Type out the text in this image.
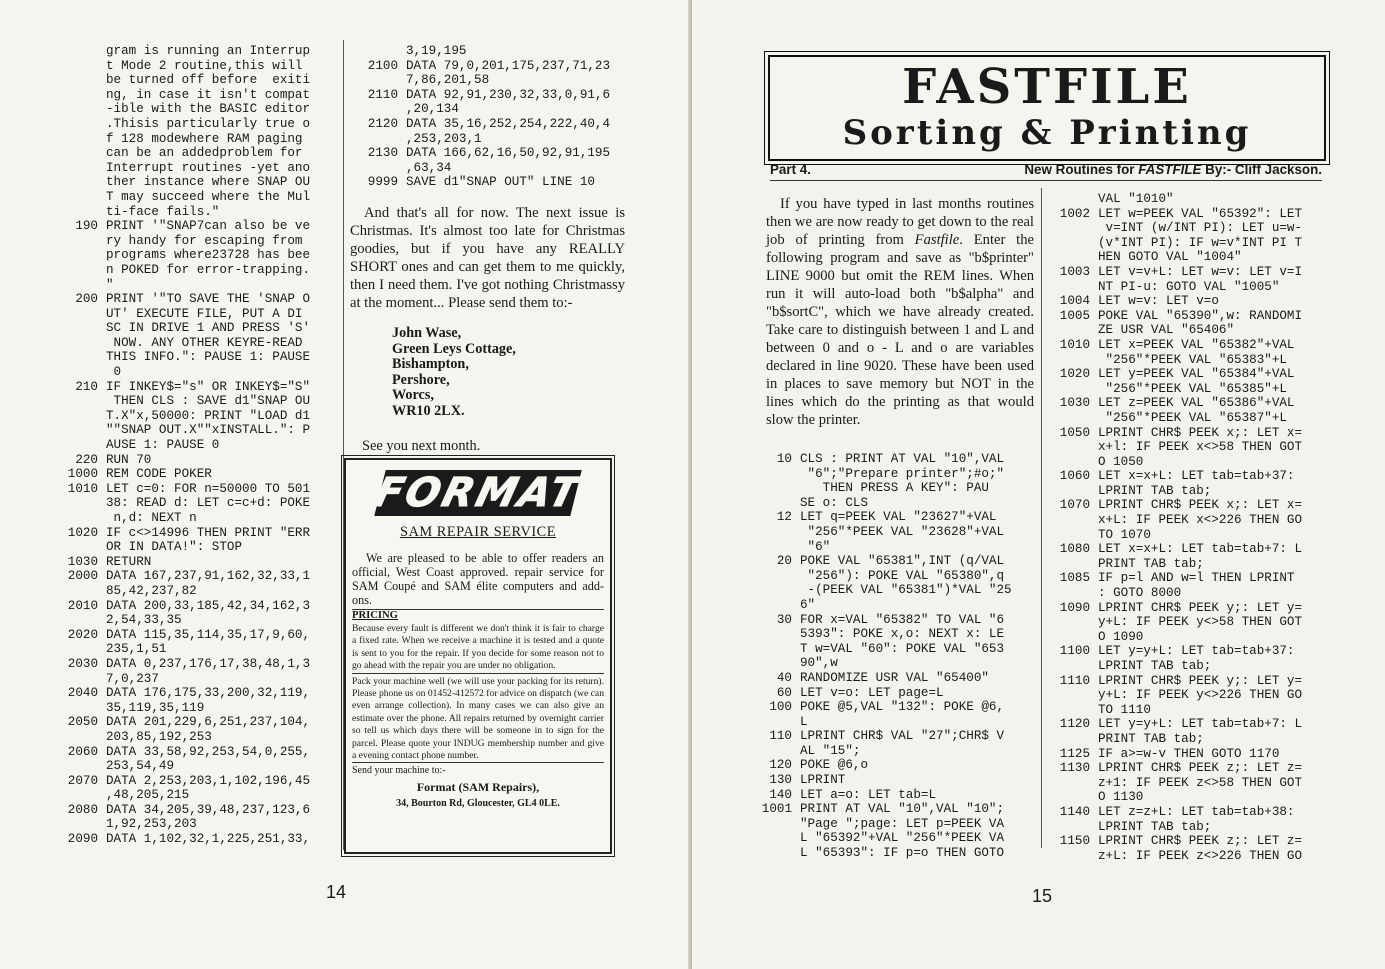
gram is running an Interrup
t Mode 2 routine,this will
be turned off before  exiti
ng, in case it isn't compat
-ible with the BASIC editor
.Thisis particularly true o
f 128 modewhere RAM paging
can be an addedproblem for
Interrupt routines -yet ano
ther instance where SNAP OU
T may succeed where the Mul
ti-face fails."
190 PRINT '"SNAP7can also be ve
ry handy for escaping from
programs where23728 has bee
n POKED for error-trapping.
"
200 PRINT '"TO SAVE THE 'SNAP O
UT' EXECUTE FILE, PUT A DI
SC IN DRIVE 1 AND PRESS 'S'
NOW. ANY OTHER KEYRE-READ
THIS INFO.": PAUSE 1: PAUSE
0
210 IF INKEY$="s" OR INKEY$="S"
THEN CLS : SAVE d1"SNAP OU
T.X"x,50000: PRINT "LOAD d1
""SNAP OUT.X""xINSTALL.": P
AUSE 1: PAUSE 0
220 RUN 70
1000 REM CODE POKER
1010 LET c=0: FOR n=50000 TO 501
38: READ d: LET c=c+d: POKE
n,d: NEXT n
1020 IF c<>14996 THEN PRINT "ERR
OR IN DATA!": STOP
1030 RETURN
2000 DATA 167,237,91,162,32,33,1
85,42,237,82
2010 DATA 200,33,185,42,34,162,3
2,54,33,35
2020 DATA 115,35,114,35,17,9,60,
235,1,51
2030 DATA 0,237,176,17,38,48,1,3
7,0,237
2040 DATA 176,175,33,200,32,119,
35,119,35,119
2050 DATA 201,229,6,251,237,104,
203,85,192,253
2060 DATA 33,58,92,253,54,0,255,
253,54,49
2070 DATA 2,253,203,1,102,196,45
,48,205,215
2080 DATA 34,205,39,48,237,123,6
1,92,253,203
2090 DATA 1,102,32,1,225,251,33,
3,19,195
2100 DATA 79,0,201,175,237,71,23
7,86,201,58
2110 DATA 92,91,230,32,33,0,91,6
,20,134
2120 DATA 35,16,252,254,222,40,4
,253,203,1
2130 DATA 166,62,16,50,92,91,195
,63,34
9999 SAVE d1"SNAP OUT" LINE 10

And that's all for now. The next issue is Christmas. It's almost too late for Christmas goodies, but if you have any REALLY SHORT ones and can get them to me quickly, then I need them. I've got nothing Christmassy at the moment... Please send them to:-

John Wase,
Green Leys Cottage,
Bishampton,
Pershore,
Worcs,
WR10 2LX.
See you next month.
FORMAT
SAM REPAIR SERVICE

We are pleased to be able to offer readers an official, West Coast approved. repair service for SAM Coupé and SAM élite computers and add-ons.

PRICING
Because every fault is different we don't think it is fair to charge a fixed rate. When we receive a machine it is tested and a quote is sent to you for the repair. If you decide for some reason not to go ahead with the repair you are under no obligation.
Pack your machine well (we will use your packing for its return). Please phone us on 01452-412572 for advice on dispatch (we can even arrange collection). In many cases we can also give an estimate over the phone. All repairs returned by overnight carrier so tell us which days there will be someone in to sign for the parcel. Please quote your INDUG membership number and give a evening contact phone number.
Send your machine to:-
Format (SAM Repairs),
34, Bourton Rd, Gloucester, GL4 0LE.
14
FASTFILE
Sorting & Printing
Part 4.	New Routines for FASTFILE By:- Cliff Jackson.

If you have typed in last months routines then we are now ready to get down to the real job of printing from Fastfile. Enter the following program and save as "b$printer" LINE 9000 but omit the REM lines. When run it will auto-load both "b$alpha" and "b$sortC", which we have already created. Take care to distinguish between 1 and L and between 0 and o - L and o are variables declared in line 9020. These have been used in places to save memory but NOT in the lines which do the printing as that would slow the printer.

10 CLS : PRINT AT VAL "10",VAL
"6";"Prepare printer";#o;"
THEN PRESS A KEY": PAU
SE o: CLS
12 LET q=PEEK VAL "23627"+VAL
"256"*PEEK VAL "23628"+VAL
"6"
20 POKE VAL "65381",INT (q/VAL
"256"): POKE VAL "65380",q
-(PEEK VAL "65381")*VAL "25
6"
30 FOR x=VAL "65382" TO VAL "6
5393": POKE x,o: NEXT x: LE
T w=VAL "60": POKE VAL "653
90",w
40 RANDOMIZE USR VAL "65400"
60 LET v=o: LET page=L
100 POKE @5,VAL "132": POKE @6,
L
110 LPRINT CHR$ VAL "27";CHR$ V
AL "15";
120 POKE @6,o
130 LPRINT
140 LET a=o: LET tab=L
1001 PRINT AT VAL "10",VAL "10";
"Page ";page: LET p=PEEK VA
L "65392"+VAL "256"*PEEK VA
L "65393": IF p=o THEN GOTO
VAL "1010"
1002 LET w=PEEK VAL "65392": LET
v=INT (w/INT PI): LET u=w-
(v*INT PI): IF w=v*INT PI T
HEN GOTO VAL "1004"
1003 LET v=v+L: LET w=v: LET v=I
NT PI-u: GOTO VAL "1005"
1004 LET w=v: LET v=o
1005 POKE VAL "65390",w: RANDOMI
ZE USR VAL "65406"
1010 LET x=PEEK VAL "65382"+VAL
"256"*PEEK VAL "65383"+L
1020 LET y=PEEK VAL "65384"+VAL
"256"*PEEK VAL "65385"+L
1030 LET z=PEEK VAL "65386"+VAL
"256"*PEEK VAL "65387"+L
1050 LPRINT CHR$ PEEK x;: LET x=
x+l: IF PEEK x<>58 THEN GOT
O 1050
1060 LET x=x+L: LET tab=tab+37:
LPRINT TAB tab;
1070 LPRINT CHR$ PEEK x;: LET x=
x+L: IF PEEK x<>226 THEN GO
TO 1070
1080 LET x=x+L: LET tab=tab+7: L
PRINT TAB tab;
1085 IF p=l AND w=l THEN LPRINT
: GOTO 8000
1090 LPRINT CHR$ PEEK y;: LET y=
y+L: IF PEEK y<>58 THEN GOT
O 1090
1100 LET y=y+L: LET tab=tab+37:
LPRINT TAB tab;
1110 LPRINT CHR$ PEEK y;: LET y=
y+L: IF PEEK y<>226 THEN GO
TO 1110
1120 LET y=y+L: LET tab=tab+7: L
PRINT TAB tab;
1125 IF a>=w-v THEN GOTO 1170
1130 LPRINT CHR$ PEEK z;: LET z=
z+1: IF PEEK z<>58 THEN GOT
O 1130
1140 LET z=z+L: LET tab=tab+38:
LPRINT TAB tab;
1150 LPRINT CHR$ PEEK z;: LET z=
z+L: IF PEEK z<>226 THEN GO
15
